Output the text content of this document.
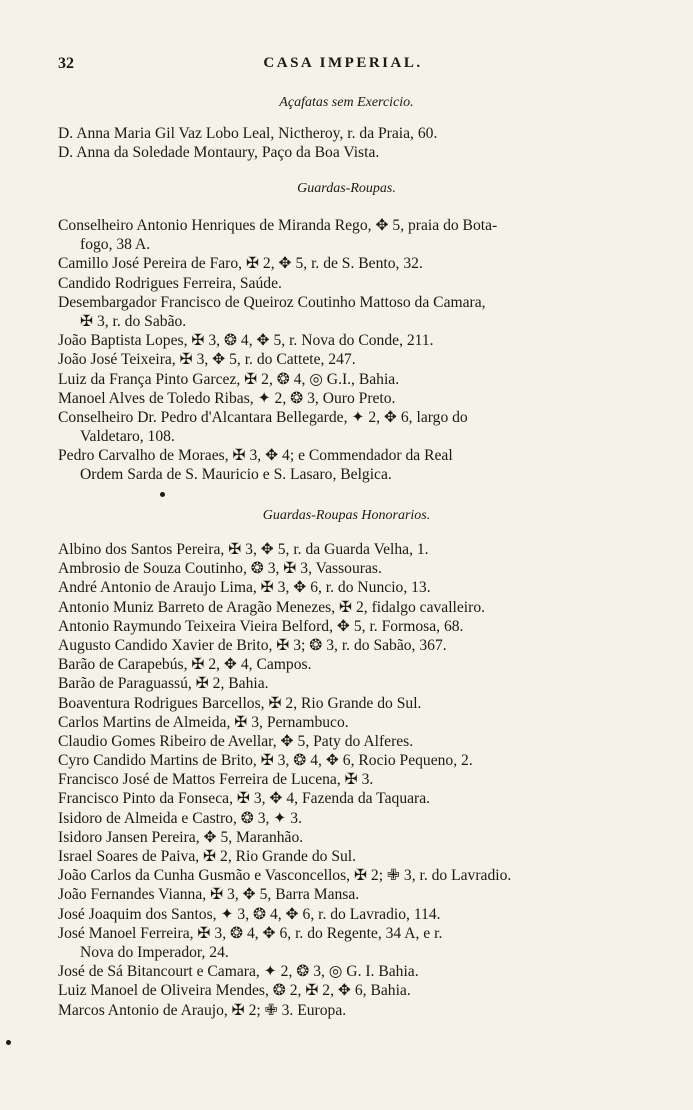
32	CASA IMPERIAL.
Açafatas sem Exercicio.
D. Anna Maria Gil Vaz Lobo Leal, Nictheroy, r. da Praia, 60.
D. Anna da Soledade Montaury, Paço da Boa Vista.
Guardas-Roupas.
Conselheiro Antonio Henriques de Miranda Rego, ✥ 5, praia do Bota-
fogo, 38 A.
Camillo José Pereira de Faro, ✠ 2, ✥ 5, r. de S. Bento, 32.
Candido Rodrigues Ferreira, Saúde.
Desembargador Francisco de Queiroz Coutinho Mattoso da Camara,
✠ 3, r. do Sabão.
João Baptista Lopes, ✠ 3, ❂ 4, ✥ 5, r. Nova do Conde, 211.
João José Teixeira, ✠ 3, ✥ 5, r. do Cattete, 247.
Luiz da França Pinto Garcez, ✠ 2, ❂ 4, ◎ G.I., Bahia.
Manoel Alves de Toledo Ribas, ✦ 2, ❂ 3, Ouro Preto.
Conselheiro Dr. Pedro d'Alcantara Bellegarde, ✦ 2, ✥ 6, largo do
Valdetaro, 108.
Pedro Carvalho de Moraes, ✠ 3, ✥ 4; e Commendador da Real
Ordem Sarda de S. Mauricio e S. Lasaro, Belgica.
Guardas-Roupas Honorarios.
Albino dos Santos Pereira, ✠ 3, ✥ 5, r. da Guarda Velha, 1.
Ambrosio de Souza Coutinho, ❂ 3, ✠ 3, Vassouras.
André Antonio de Araujo Lima, ✠ 3, ✥ 6, r. do Nuncio, 13.
Antonio Muniz Barreto de Aragão Menezes, ✠ 2, fidalgo cavalleiro.
Antonio Raymundo Teixeira Vieira Belford, ✥ 5, r. Formosa, 68.
Augusto Candido Xavier de Brito, ✠ 3; ❂ 3, r. do Sabão, 367.
Barão de Carapebús, ✠ 2, ✥ 4, Campos.
Barão de Paraguassú, ✠ 2, Bahia.
Boaventura Rodrigues Barcellos, ✠ 2, Rio Grande do Sul.
Carlos Martins de Almeida, ✠ 3, Pernambuco.
Claudio Gomes Ribeiro de Avellar, ✥ 5, Paty do Alferes.
Cyro Candido Martins de Brito, ✠ 3, ❂ 4, ✥ 6, Rocio Pequeno, 2.
Francisco José de Mattos Ferreira de Lucena, ✠ 3.
Francisco Pinto da Fonseca, ✠ 3, ✥ 4, Fazenda da Taquara.
Isidoro de Almeida e Castro, ❂ 3, ✦ 3.
Isidoro Jansen Pereira, ✥ 5, Maranhão.
Israel Soares de Paiva, ✠ 2, Rio Grande do Sul.
João Carlos da Cunha Gusmão e Vasconcellos, ✠ 2; ✙ 3, r. do Lavradio.
João Fernandes Vianna, ✠ 3, ✥ 5, Barra Mansa.
José Joaquim dos Santos, ✦ 3, ❂ 4, ✥ 6, r. do Lavradio, 114.
José Manoel Ferreira, ✠ 3, ❂ 4, ✥ 6, r. do Regente, 34 A, e r.
Nova do Imperador, 24.
José de Sá Bitancourt e Camara, ✦ 2, ❂ 3, ◎ G. I. Bahia.
Luiz Manoel de Oliveira Mendes, ❂ 2, ✠ 2, ✥ 6, Bahia.
Marcos Antonio de Araujo, ✠ 2; ✙ 3. Europa.
